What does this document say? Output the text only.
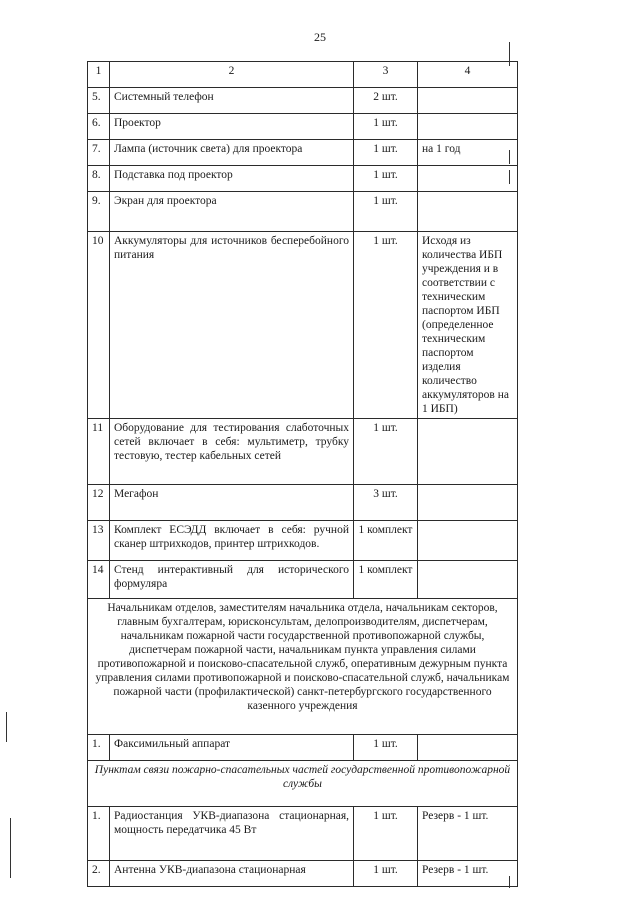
25
1	2	3	4
5.	Системный телефон	2 шт.	
6.	Проектор	1 шт.	
7.	Лампа (источник света) для проектора	1 шт.	на 1 год
8.	Подставка под проектор	1 шт.	
9.	Экран для проектора	1 шт.	
10	Аккумуляторы для источников бесперебойного питания	1 шт.	Исходя из количества ИБП учреждения и в соответствии с техническим паспортом ИБП (определенное техническим паспортом изделия количество аккумуляторов на 1 ИБП)
11	Оборудование для тестирования слаботочных сетей включает в себя: мультиметр, трубку тестовую, тестер кабельных сетей	1 шт.	
12	Мегафон	3 шт.	
13	Комплект ЕСЭДД включает в себя: ручной сканер штрихкодов, принтер штрихкодов.	1 комплект	
14	Стенд интерактивный для исторического формуляра	1 комплект	
Начальникам отделов, заместителям начальника отдела, начальникам секторов, главным бухгалтерам, юрисконсультам, делопроизводителям, диспетчерам, начальникам пожарной части государственной противопожарной службы, диспетчерам пожарной части, начальникам пункта управления силами противопожарной и поисково-спасательной служб, оперативным дежурным пункта управления силами противопожарной и поисково-спасательной служб, начальникам пожарной части (профилактической) санкт-петербургского государственного казенного учреждения			
1.	Факсимильный аппарат	1 шт.	
Пунктам связи пожарно-спасательных частей государственной противопожарной службы			
1.	Радиостанция УКВ-диапазона стационарная, мощность передатчика 45 Вт	1 шт.	Резерв - 1 шт.
2.	Антенна УКВ-диапазона стационарная	1 шт.	Резерв - 1 шт.
